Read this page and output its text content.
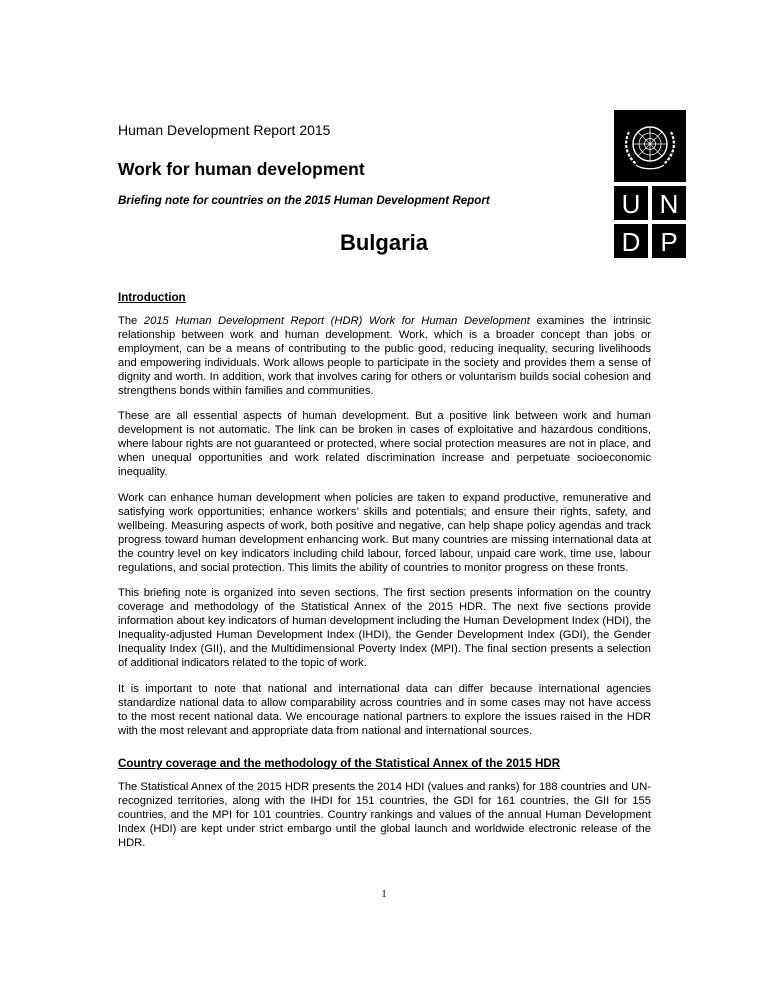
Human Development Report 2015
Work for human development
Briefing note for countries on the 2015 Human Development Report	U N
D P
Bulgaria
Introduction

The 2015 Human Development Report (HDR) Work for Human Development examines the intrinsic relationship between work and human development. Work, which is a broader concept than jobs or employment, can be a means of contributing to the public good, reducing inequality, securing livelihoods and empowering individuals. Work allows people to participate in the society and provides them a sense of dignity and worth. In addition, work that involves caring for others or voluntarism builds social cohesion and strengthens bonds within families and communities.

These are all essential aspects of human development. But a positive link between work and human development is not automatic. The link can be broken in cases of exploitative and hazardous conditions, where labour rights are not guaranteed or protected, where social protection measures are not in place, and when unequal opportunities and work related discrimination increase and perpetuate socioeconomic inequality.

Work can enhance human development when policies are taken to expand productive, remunerative and satisfying work opportunities; enhance workers’ skills and potentials; and ensure their rights, safety, and wellbeing. Measuring aspects of work, both positive and negative, can help shape policy agendas and track progress toward human development enhancing work. But many countries are missing international data at the country level on key indicators including child labour, forced labour, unpaid care work, time use, labour regulations, and social protection. This limits the ability of countries to monitor progress on these fronts.

This briefing note is organized into seven sections. The first section presents information on the country coverage and methodology of the Statistical Annex of the 2015 HDR. The next five sections provide information about key indicators of human development including the Human Development Index (HDI), the Inequality-adjusted Human Development Index (IHDI), the Gender Development Index (GDI), the Gender Inequality Index (GII), and the Multidimensional Poverty Index (MPI). The final section presents a selection of additional indicators related to the topic of work.

It is important to note that national and international data can differ because international agencies standardize national data to allow comparability across countries and in some cases may not have access to the most recent national data. We encourage national partners to explore the issues raised in the HDR with the most relevant and appropriate data from national and international sources.

Country coverage and the methodology of the Statistical Annex of the 2015 HDR

The Statistical Annex of the 2015 HDR presents the 2014 HDI (values and ranks) for 188 countries and UN-recognized territories, along with the IHDI for 151 countries, the GDI for 161 countries, the GII for 155 countries, and the MPI for 101 countries. Country rankings and values of the annual Human Development Index (HDI) are kept under strict embargo until the global launch and worldwide electronic release of the HDR.

1
